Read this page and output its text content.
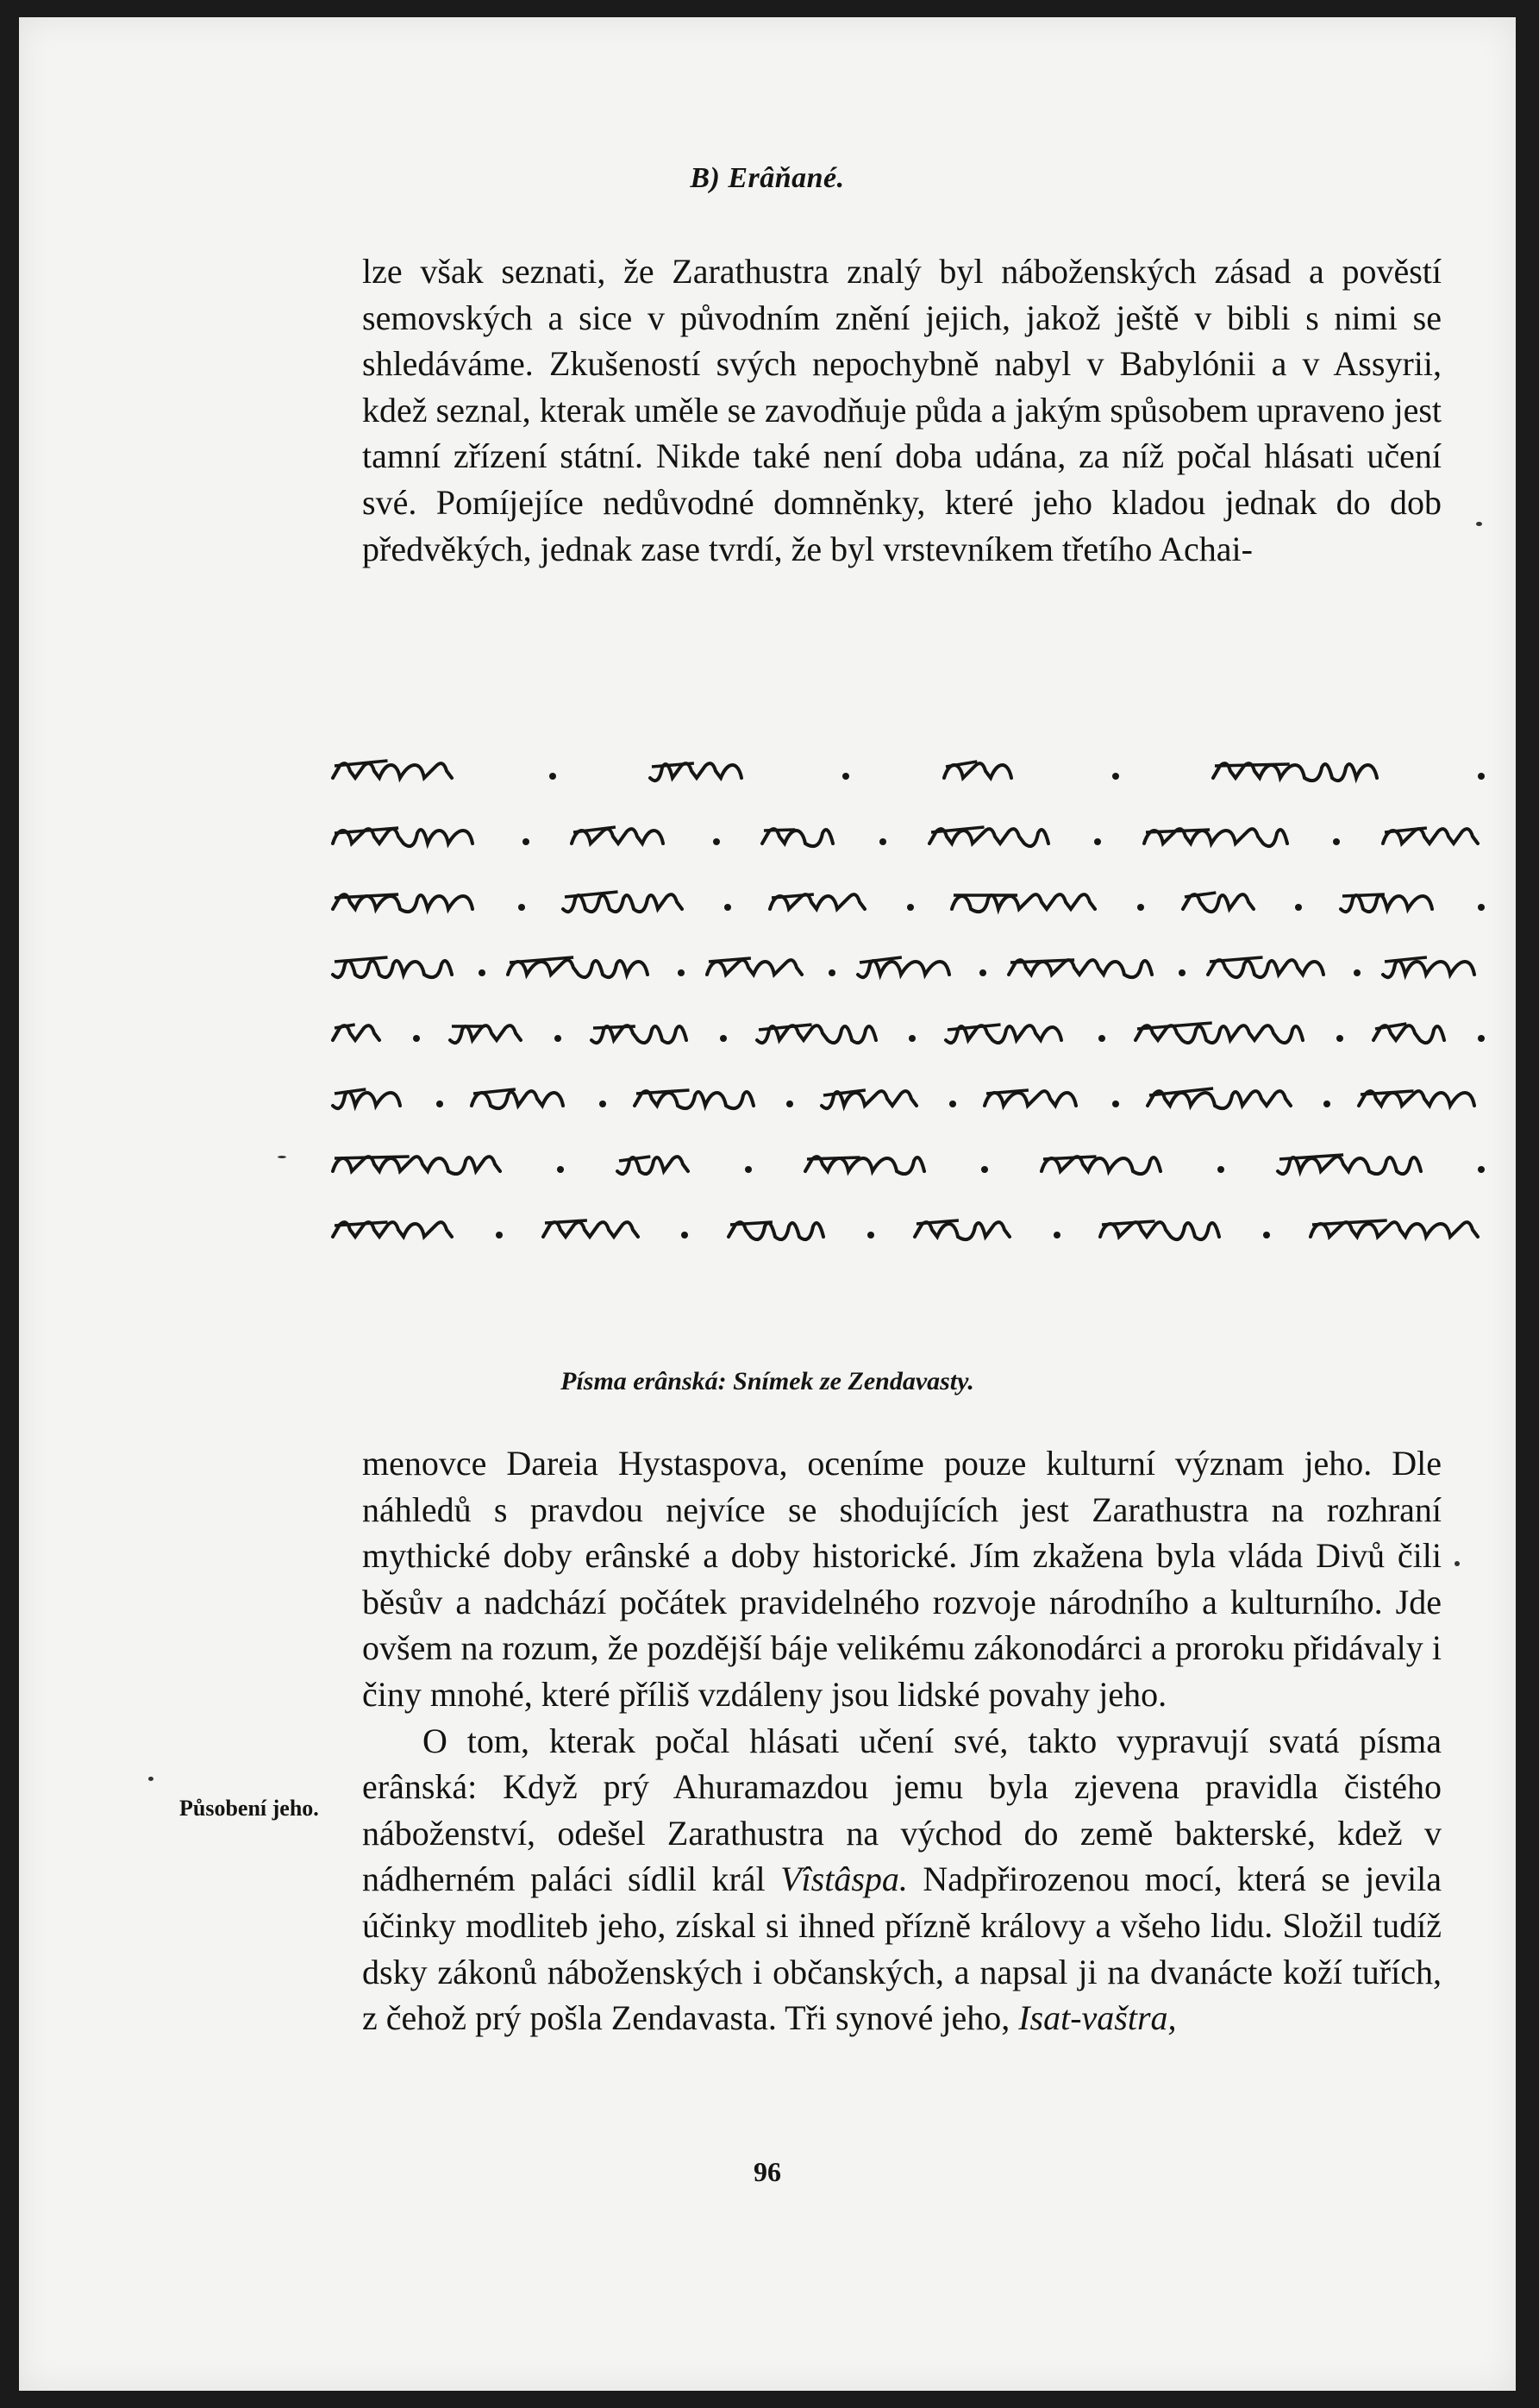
B) Erâňané.

lze však seznati, že Zarathustra znalý byl náboženských zásad a pověstí semovských a sice v původním znění jejich, jakož ještě v bibli s nimi se shledáváme. Zkušeností svých nepochybně nabyl v Babylónii a v Assyrii, kdež seznal, kterak uměle se zavodňuje půda a jakým spůsobem upraveno jest tamní zřízení státní. Nikde také není doba udána, za níž počal hlásati učení své. Pomíjejíce nedůvodné domněnky, které jeho kladou jednak do dob předvěkých, jednak zase tvrdí, že byl vrstevníkem třetího Achai-

Písma erânská: Snímek ze Zendavasty.
menovce Dareia Hystaspova, oceníme pouze kulturní význam jeho. Dle náhledů s pravdou nejvíce se shodujících jest Zarathustra na rozhraní mythické doby erânské a doby historické. Jím zkažena byla vláda Divů čili běsův a nadchází počátek pravidelného rozvoje národního a kulturního. Jde ovšem na rozum, že pozdější báje velikému zákonodárci a proroku přidávaly i činy mnohé, které příliš vzdáleny jsou lidské povahy jeho.
O tom, kterak počal hlásati učení své, takto vypravují svatá písma erânská: Když prý Ahuramazdou jemu byla zjevena pravidla čistého náboženství, odešel Zarathustra na východ do země bakterské, kdež v nádherném paláci sídlil král Vîstâspa. Nadpřirozenou mocí, která se jevila účinky modliteb jeho, získal si ihned přízně královy a všeho lidu. Složil tudíž dsky zákonů náboženských i občanských, a napsal ji na dvanácte koží tuřích, z čehož prý pošla Zendavasta. Tři synové jeho, Isat-vaštra,
Působení jeho.
96
